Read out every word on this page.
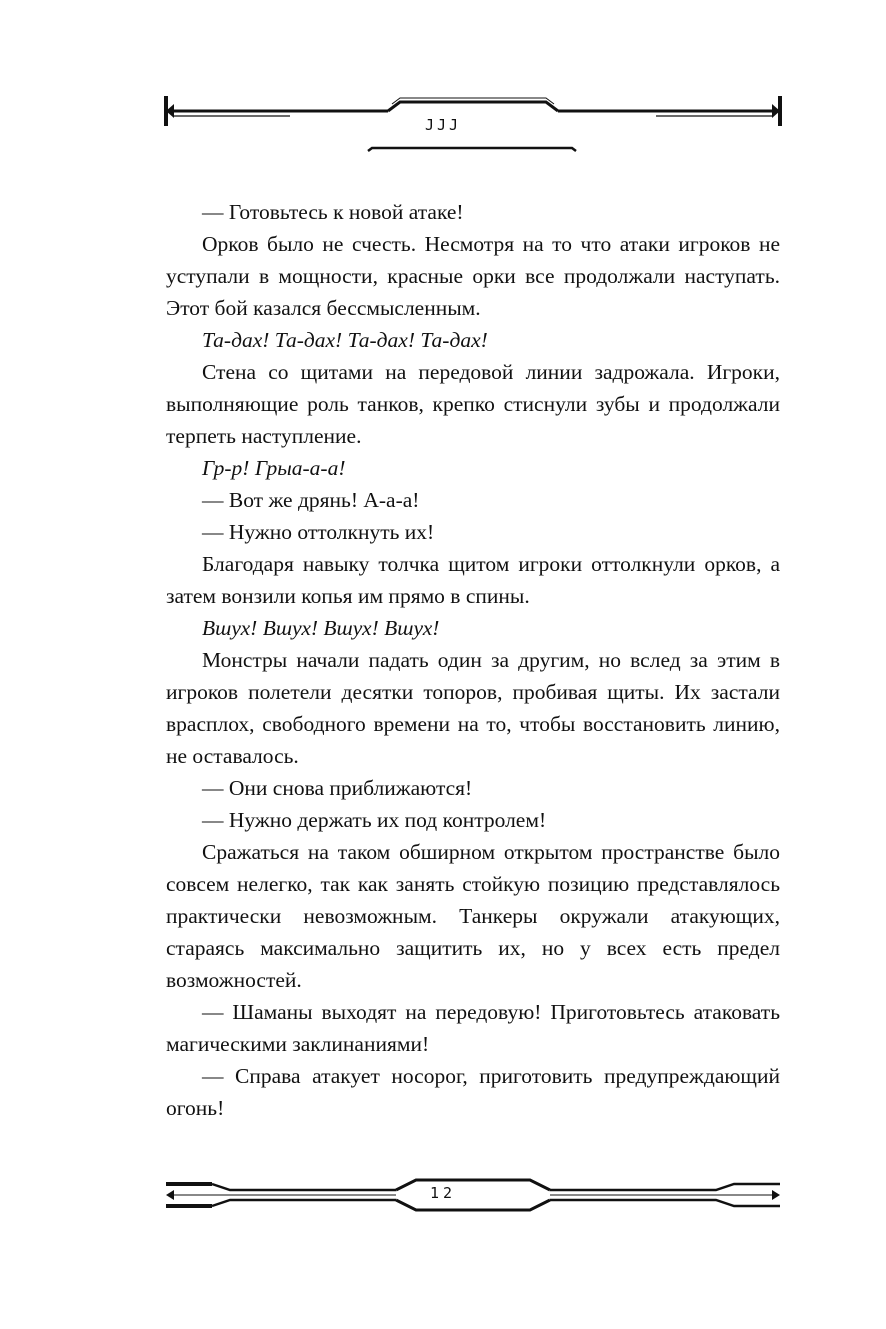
JJJ

— Готовьтесь к новой атаке!

Орков было не счесть. Несмотря на то что атаки игроков не уступали в мощности, красные орки все продолжали наступать. Этот бой казался бессмысленным.

Та-дах! Та-дах! Та-дах! Та-дах!

Стена со щитами на передовой линии задрожала. Игроки, выполняющие роль танков, крепко стиснули зубы и продолжали терпеть наступление.

Гр-р! Грыа-а-а!

— Вот же дрянь! А-а-а!

— Нужно оттолкнуть их!

Благодаря навыку толчка щитом игроки оттолкнули орков, а затем вонзили копья им прямо в спины.

Вшух! Вшух! Вшух! Вшух!

Монстры начали падать один за другим, но вслед за этим в игроков полетели десятки топоров, пробивая щиты. Их застали врасплох, свободного времени на то, чтобы восстановить линию, не оставалось.

— Они снова приближаются!

— Нужно держать их под контролем!

Сражаться на таком обширном открытом пространстве было совсем нелегко, так как занять стойкую позицию представлялось практически невозможным. Танкеры окружали атакующих, стараясь максимально защитить их, но у всех есть предел возможностей.

— Шаманы выходят на передовую! Приготовьтесь атаковать магическими заклинаниями!

— Справа атакует носорог, приготовить предупреждающий огонь!

12
